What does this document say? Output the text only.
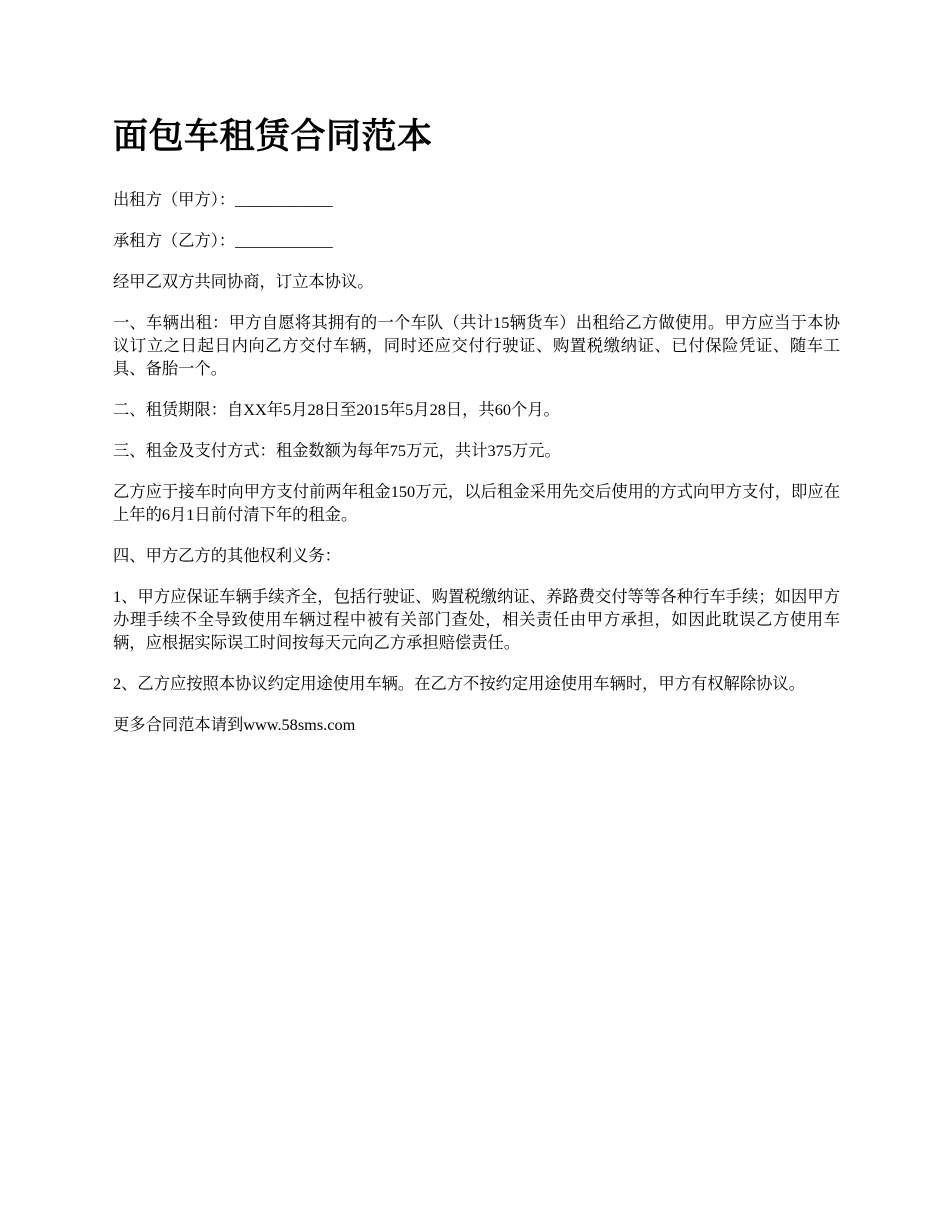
面包车租赁合同范本

出租方（甲方）：____________

承租方（乙方）：____________

经甲乙双方共同协商，订立本协议。

一、车辆出租：甲方自愿将其拥有的一个车队（共计15辆货车）出租给乙方做使用。甲方应当于本协议订立之日起日内向乙方交付车辆，同时还应交付行驶证、购置税缴纳证、已付保险凭证、随车工具、备胎一个。

二、租赁期限：自XX年5月28日至2015年5月28日，共60个月。

三、租金及支付方式：租金数额为每年75万元，共计375万元。

乙方应于接车时向甲方支付前两年租金150万元，以后租金采用先交后使用的方式向甲方支付，即应在上年的6月1日前付清下年的租金。

四、甲方乙方的其他权利义务：

1、甲方应保证车辆手续齐全，包括行驶证、购置税缴纳证、养路费交付等等各种行车手续；如因甲方办理手续不全导致使用车辆过程中被有关部门查处，相关责任由甲方承担，如因此耽误乙方使用车辆，应根据实际误工时间按每天元向乙方承担赔偿责任。

2、乙方应按照本协议约定用途使用车辆。在乙方不按约定用途使用车辆时，甲方有权解除协议。

更多合同范本请到www.58sms.com
